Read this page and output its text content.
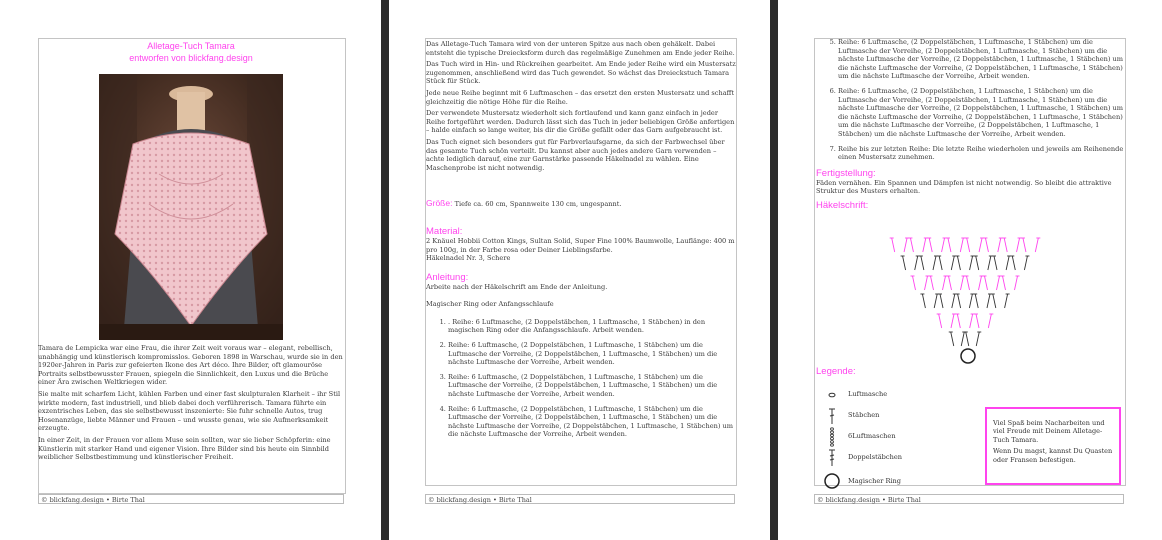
Alletage-Tuch Tamara
entworfen von blickfang.design

Tamara de Lempicka war eine Frau, die ihrer Zeit weit voraus war – elegant, rebellisch, unabhängig und künstlerisch kompromisslos. Geboren 1898 in Warschau, wurde sie in den 1920er-Jahren in Paris zur gefeierten Ikone des Art déco. Ihre Bilder, oft glamouröse Portraits selbstbewusster Frauen, spiegeln die Sinnlichkeit, den Luxus und die Brüche einer Ära zwischen Weltkriegen wider.

Sie malte mit scharfem Licht, kühlen Farben und einer fast skulpturalen Klarheit – ihr Stil wirkte modern, fast industriell, und blieb dabei doch verführerisch. Tamara führte ein exzentrisches Leben, das sie selbstbewusst inszenierte: Sie fuhr schnelle Autos, trug Hosenanzüge, liebte Männer und Frauen – und wusste genau, wie sie Aufmerksamkeit erzeugte.

In einer Zeit, in der Frauen vor allem Muse sein sollten, war sie lieber Schöpferin: eine Künstlerin mit starker Hand und eigener Vision. Ihre Bilder sind bis heute ein Sinnbild weiblicher Selbstbestimmung und künstlerischer Freiheit.

© blickfang.design • Birte Thal	© blickfang.design • Birte Thal

Das Alletage-Tuch Tamara wird von der unteren Spitze aus nach oben gehäkelt. Dabei entsteht die typische Dreiecksform durch das regelmäßige Zunehmen am Ende jeder Reihe.

Das Tuch wird in Hin- und Rückreihen gearbeitet. Am Ende jeder Reihe wird ein Mustersatz zugenommen, anschließend wird das Tuch gewendet. So wächst das Dreieckstuch Tamara Stück für Stück.

Jede neue Reihe beginnt mit 6 Luftmaschen – das ersetzt den ersten Mustersatz und schafft gleichzeitig die nötige Höhe für die Reihe.

Der verwendete Mustersatz wiederholt sich fortlaufend und kann ganz einfach in jeder Reihe fortgeführt werden. Dadurch lässt sich das Tuch in jeder beliebigen Größe anfertigen – halde einfach so lange weiter, bis dir die Größe gefällt oder das Garn aufgebraucht ist.

Das Tuch eignet sich besonders gut für Farbverlaufsgarne, da sich der Farbwechsel über das gesamte Tuch schön verteilt. Du kannst aber auch jedes andere Garn verwenden – achte lediglich darauf, eine zur Garnstärke passende Häkelnadel zu wählen. Eine Maschenprobe ist nicht notwendig.

Größe: Tiefe ca. 60 cm, Spannweite 130 cm, ungespannt.

Material:

2 Knäuel Hobbii Cotton Kings, Sultan Solid, Super Fine 100% Baumwolle, Lauflänge: 400 m pro 100g, in der Farbe rosa oder Deiner Lieblingsfarbe.

Häkelnadel Nr. 3, Schere

Anleitung:

Arbeite nach der Häkelschrift am Ende der Anleitung.

Magischer Ring oder Anfangsschlaufe

1. . Reihe: 6 Luftmasche, (2 Doppelstäbchen, 1 Luftmasche, 1 Stäbchen) in den magischen Ring oder die Anfangsschlaufe. Arbeit wenden.
2. Reihe: 6 Luftmasche, (2 Doppelstäbchen, 1 Luftmasche, 1 Stäbchen) um die Luftmasche der Vorreihe, (2 Doppelstäbchen, 1 Luftmasche, 1 Stäbchen) um die nächste Luftmasche der Vorreihe, Arbeit wenden.
3. Reihe: 6 Luftmasche, (2 Doppelstäbchen, 1 Luftmasche, 1 Stäbchen) um die Luftmasche der Vorreihe, (2 Doppelstäbchen, 1 Luftmasche, 1 Stäbchen) um die nächste Luftmasche der Vorreihe, Arbeit wenden.
4. Reihe: 6 Luftmasche, (2 Doppelstäbchen, 1 Luftmasche, 1 Stäbchen) um die Luftmasche der Vorreihe, (2 Doppelstäbchen, 1 Luftmasche, 1 Stäbchen) um die nächste Luftmasche der Vorreihe, (2 Doppelstäbchen, 1 Luftmasche, 1 Stäbchen) um die nächste Luftmasche der Vorreihe, Arbeit wenden.
© blickfang.design • Birte Thal
5. Reihe: 6 Luftmasche, (2 Doppelstäbchen, 1 Luftmasche, 1 Stäbchen) um die Luftmasche der Vorreihe, (2 Doppelstäbchen, 1 Luftmasche, 1 Stäbchen) um die nächste Luftmasche der Vorreihe, (2 Doppelstäbchen, 1 Luftmasche, 1 Stäbchen) um die nächste Luftmasche der Vorreihe, (2 Doppelstäbchen, 1 Luftmasche, 1 Stäbchen) um die nächste Luftmasche der Vorreihe, Arbeit wenden.
6. Reihe: 6 Luftmasche, (2 Doppelstäbchen, 1 Luftmasche, 1 Stäbchen) um die Luftmasche der Vorreihe, (2 Doppelstäbchen, 1 Luftmasche, 1 Stäbchen) um die nächste Luftmasche der Vorreihe, (2 Doppelstäbchen, 1 Luftmasche, 1 Stäbchen) um die nächste Luftmasche der Vorreihe, (2 Doppelstäbchen, 1 Luftmasche, 1 Stäbchen) um die nächste Luftmasche der Vorreihe, (2 Doppelstäbchen, 1 Luftmasche, 1 Stäbchen) um die nächste Luftmasche der Vorreihe, Arbeit wenden.
7. Reihe bis zur letzten Reihe: Die letzte Reihe wiederholen und jeweils am Reihenende einen Mustersatz zunehmen.
Fertigstellung:

Fäden vernähen. Ein Spannen und Dämpfen ist nicht notwendig. So bleibt die attraktive Struktur des Musters erhalten.

Häkelschrift:
Legende:
Luftmasche
Stäbchen
6Luftmaschen
Doppelstäbchen
Magischer Ring

Viel Spaß beim Nacharbeiten und viel Freude mit Deinem Alletage-Tuch Tamara.

Wenn Du magst, kannst Du Quasten oder Fransen befestigen.
